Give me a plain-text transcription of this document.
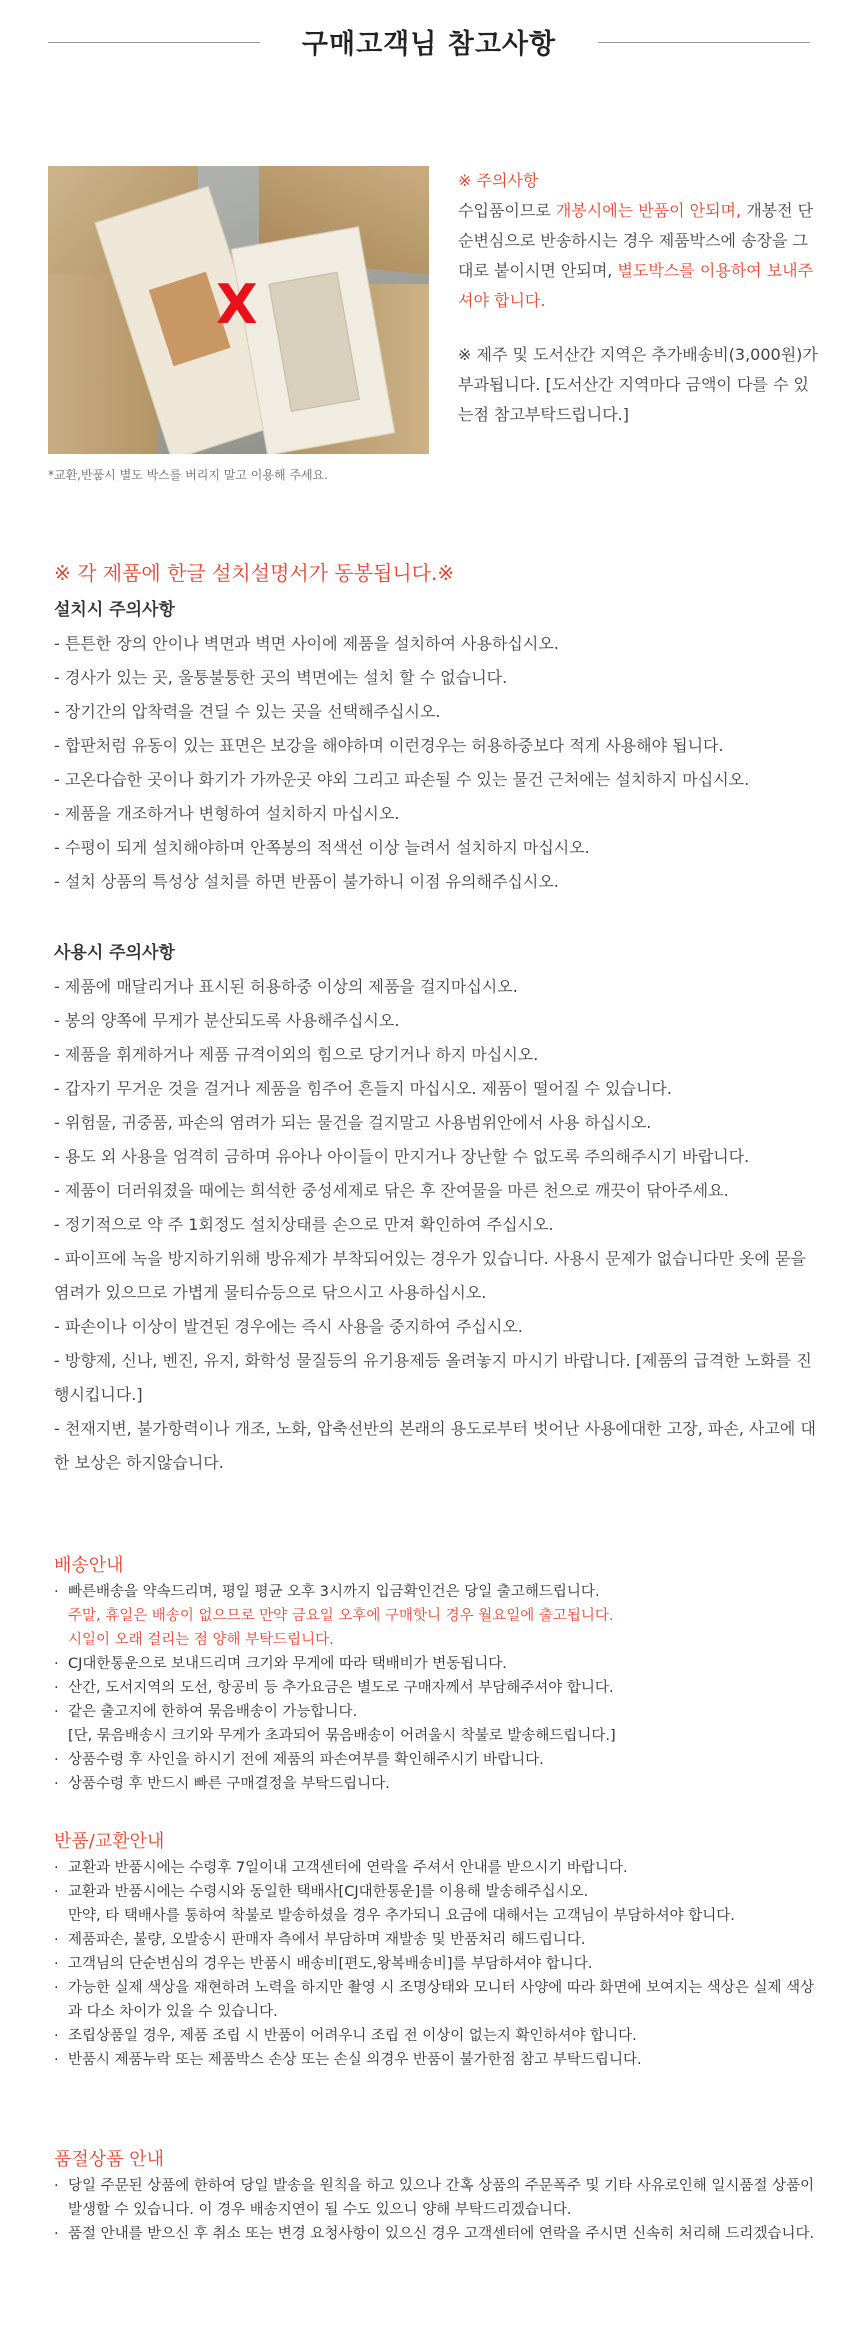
구매고객님 참고사항
X
*교환,반품시 별도 박스를 버리지 말고 이용해 주세요.

※ 주의사항

수입품이므로 개봉시에는 반품이 안되며, 개봉전 단순변심으로 반송하시는 경우 제품박스에 송장을 그대로 붙이시면 안되며, 별도박스를 이용하여 보내주셔야 합니다.

※ 제주 및 도서산간 지역은 추가배송비(3,000원)가 부과됩니다. [도서산간 지역마다 금액이 다를 수 있는점 참고부탁드립니다.]

※ 각 제품에 한글 설치설명서가 동봉됩니다.※
설치시 주의사항
- 튼튼한 장의 안이나 벽면과 벽면 사이에 제품을 설치하여 사용하십시오.
- 경사가 있는 곳, 울퉁불퉁한 곳의 벽면에는 설치 할 수 없습니다.
- 장기간의 압착력을 견딜 수 있는 곳을 선택해주십시오.
- 합판처럼 유동이 있는 표면은 보강을 해야하며 이런경우는 허용하중보다 적게 사용해야 됩니다.
- 고온다습한 곳이나 화기가 가까운곳 야외 그리고 파손될 수 있는 물건 근처에는 설치하지 마십시오.
- 제품을 개조하거나 변형하여 설치하지 마십시오.
- 수평이 되게 설치해야하며 안쪽봉의 적색선 이상 늘려서 설치하지 마십시오.
- 설치 상품의 특성상 설치를 하면 반품이 불가하니 이점 유의해주십시오.
사용시 주의사항
- 제품에 매달리거나 표시된 허용하중 이상의 제품을 걸지마십시오.
- 봉의 양쪽에 무게가 분산되도록 사용해주십시오.
- 제품을 휘게하거나 제품 규격이외의 힘으로 당기거나 하지 마십시오.
- 갑자기 무거운 것을 걸거나 제품을 힘주어 흔들지 마십시오. 제품이 떨어질 수 있습니다.
- 위험물, 귀중품, 파손의 염려가 되는 물건을 걸지말고 사용범위안에서 사용 하십시오.
- 용도 외 사용을 엄격히 금하며 유아나 아이들이 만지거나 장난할 수 없도록 주의해주시기 바랍니다.
- 제품이 더러워졌을 때에는 희석한 중성세제로 닦은 후 잔여물을 마른 천으로 깨끗이 닦아주세요.
- 정기적으로 약 주 1회정도 설치상태를 손으로 만져 확인하여 주십시오.
- 파이프에 녹을 방지하기위해 방유제가 부착되어있는 경우가 있습니다. 사용시 문제가 없습니다만 옷에 묻을 염려가 있으므로 가볍게 물티슈등으로 닦으시고 사용하십시오.
- 파손이나 이상이 발견된 경우에는 즉시 사용을 중지하여 주십시오.
- 방향제, 신나, 벤진, 유지, 화학성 물질등의 유기용제등 올려놓지 마시기 바랍니다. [제품의 급격한 노화를 진행시킵니다.]
- 천재지변, 불가항력이나 개조, 노화, 압축선반의 본래의 용도로부터 벗어난 사용에대한 고장, 파손, 사고에 대한 보상은 하지않습니다.
배송안내
· 빠른배송을 약속드리며, 평일 평균 오후 3시까지 입금확인건은 당일 출고해드립니다.
주말, 휴일은 배송이 없으므로 만약 금요일 오후에 구매핫니 경우 월요일에 출고됩니다.
시일이 오래 걸리는 점 양해 부탁드립니다.
· CJ대한통운으로 보내드리며 크기와 무게에 따라 택배비가 변동됩니다.
· 산간, 도서지역의 도선, 항공비 등 추가요금은 별도로 구매자께서 부담해주셔야 합니다.
· 같은 출고지에 한하여 묶음배송이 가능합니다.
[단, 묶음배송시 크기와 무게가 초과되어 묶음배송이 어려울시 착불로 발송해드립니다.]
· 상품수령 후 사인을 하시기 전에 제품의 파손여부를 확인해주시기 바랍니다.
· 상품수령 후 반드시 빠른 구매결정을 부탁드립니다.
반품/교환안내
· 교환과 반품시에는 수령후 7일이내 고객센터에 연락을 주셔서 안내를 받으시기 바랍니다.
· 교환과 반품시에는 수령시와 동일한 택배사[CJ대한통운]를 이용해 발송해주십시오.
만약, 타 택배사를 통하여 착불로 발송하셨을 경우 추가되니 요금에 대해서는 고객님이 부담하셔야 합니다.
· 제품파손, 불량, 오발송시 판매자 측에서 부담하며 재발송 및 반품처리 해드립니다.
· 고객님의 단순변심의 경우는 반품시 배송비[편도,왕복배송비]를 부담하셔야 합니다.
· 가능한 실제 색상을 재현하려 노력을 하지만 촬영 시 조명상태와 모니터 사양에 따라 화면에 보여지는 색상은 실제 색상과 다소 차이가 있을 수 있습니다.
· 조립상품일 경우, 제품 조립 시 반품이 어려우니 조립 전 이상이 없는지 확인하셔야 합니다.
· 반품시 제품누락 또는 제품박스 손상 또는 손실 의경우 반품이 불가한점 참고 부탁드립니다.
품절상품 안내
· 당일 주문된 상품에 한하여 당일 발송을 원칙을 하고 있으나 간혹 상품의 주문폭주 및 기타 사유로인해 일시품절 상품이 발생할 수 있습니다. 이 경우 배송지연이 될 수도 있으니 양해 부탁드리겠습니다.
· 품절 안내를 받으신 후 취소 또는 변경 요청사항이 있으신 경우 고객센터에 연락을 주시면 신속히 처리해 드리겠습니다.
